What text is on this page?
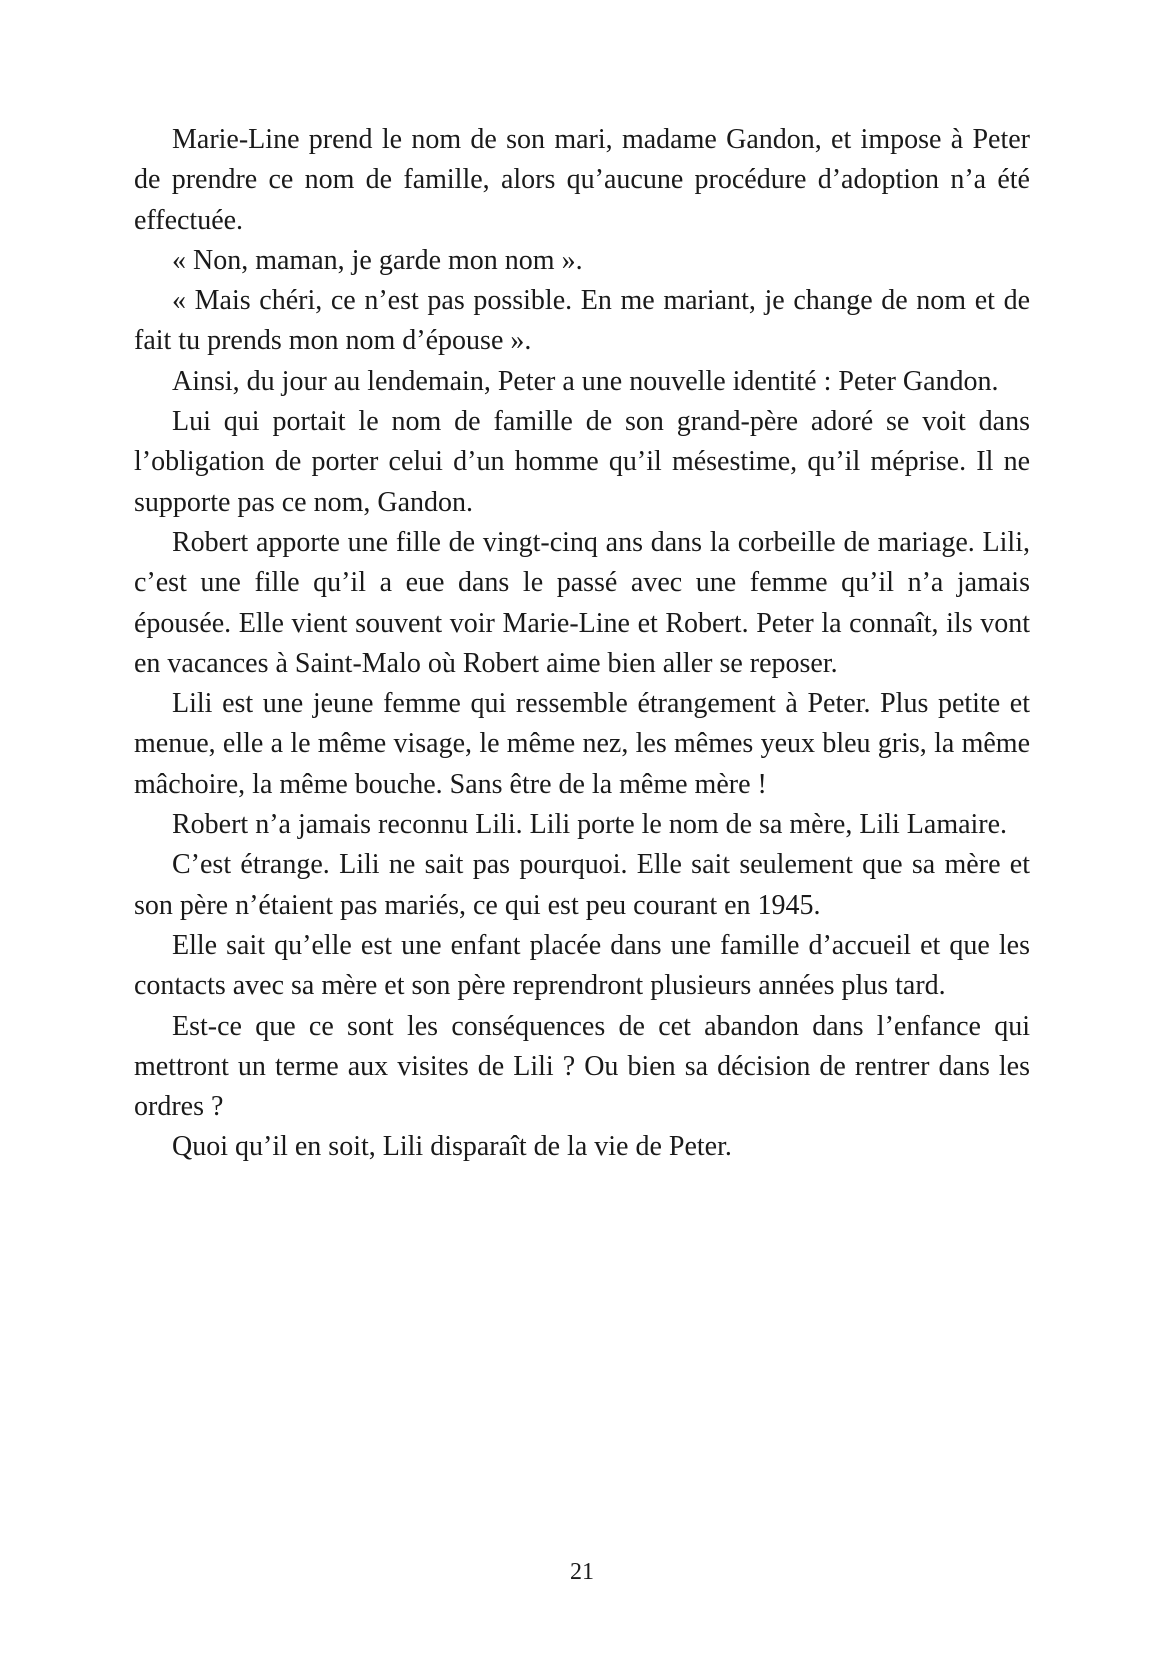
Marie-Line prend le nom de son mari, madame Gandon, et impose à Peter de prendre ce nom de famille, alors qu’aucune procédure d’adoption n’a été effectuée.

« Non, maman, je garde mon nom ».

« Mais chéri, ce n’est pas possible. En me mariant, je change de nom et de fait tu prends mon nom d’épouse ».

Ainsi, du jour au lendemain, Peter a une nouvelle identité : Peter Gandon.

Lui qui portait le nom de famille de son grand-père adoré se voit dans l’obligation de porter celui d’un homme qu’il mésestime, qu’il méprise. Il ne supporte pas ce nom, Gandon.

Robert apporte une fille de vingt-cinq ans dans la corbeille de mariage. Lili, c’est une fille qu’il a eue dans le passé avec une femme qu’il n’a jamais épousée. Elle vient souvent voir Marie-Line et Robert. Peter la connaît, ils vont en vacances à Saint-Malo où Robert aime bien aller se reposer.

Lili est une jeune femme qui ressemble étrangement à Peter. Plus petite et menue, elle a le même visage, le même nez, les mêmes yeux bleu gris, la même mâchoire, la même bouche. Sans être de la même mère !

Robert n’a jamais reconnu Lili. Lili porte le nom de sa mère, Lili Lamaire.

C’est étrange. Lili ne sait pas pourquoi. Elle sait seulement que sa mère et son père n’étaient pas mariés, ce qui est peu courant en 1945.

Elle sait qu’elle est une enfant placée dans une famille d’accueil et que les contacts avec sa mère et son père reprendront plusieurs années plus tard.

Est-ce que ce sont les conséquences de cet abandon dans l’enfance qui mettront un terme aux visites de Lili ? Ou bien sa décision de rentrer dans les ordres ?

Quoi qu’il en soit, Lili disparaît de la vie de Peter.

21
